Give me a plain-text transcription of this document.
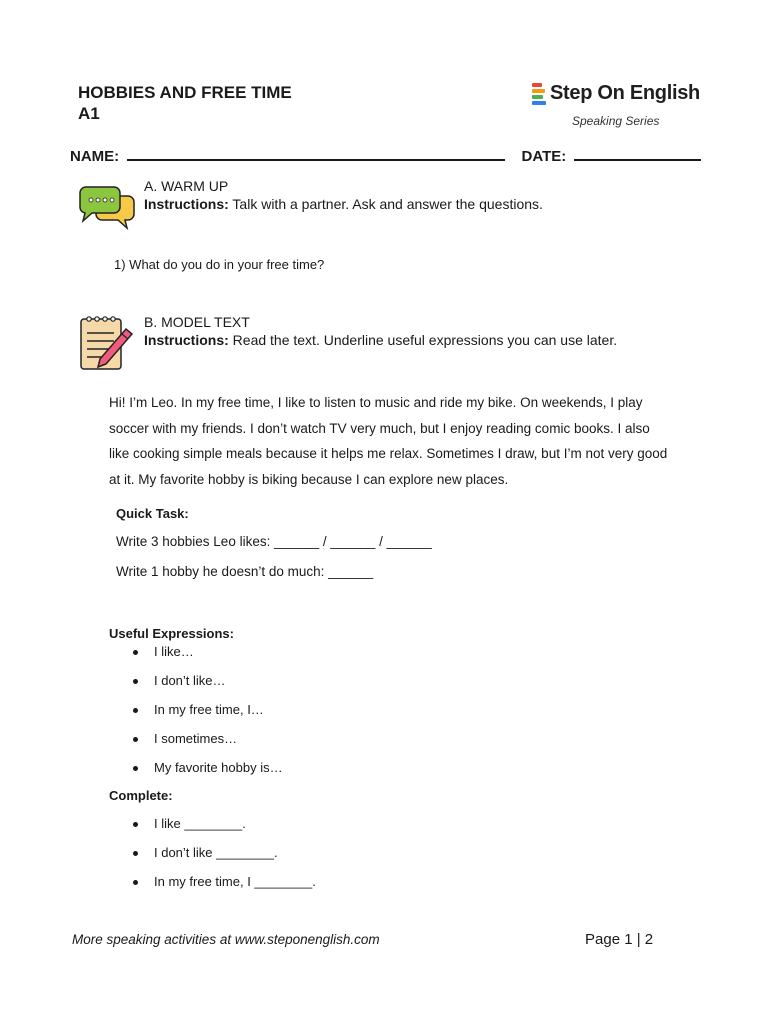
HOBBIES AND FREE TIME
A1
Step On English
Speaking Series
NAME:	DATE:
A. WARM UP
Instructions: Talk with a partner. Ask and answer the questions.
1) What do you do in your free time?
B. MODEL TEXT
Instructions: Read the text. Underline useful expressions you can use later.
Hi! I’m Leo. In my free time, I like to listen to music and ride my bike. On weekends, I play soccer with my friends. I don’t watch TV very much, but I enjoy reading comic books. I also like cooking simple meals because it helps me relax. Sometimes I draw, but I’m not very good at it. My favorite hobby is biking because I can explore new places.
Quick Task:
Write 3 hobbies Leo likes: ______ / ______ / ______
Write 1 hobby he doesn’t do much: ______
Useful Expressions:
I like…
I don’t like…
In my free time, I…
I sometimes…
My favorite hobby is…
Complete:
I like ________.
I don’t like ________.
In my free time, I ________.
More speaking activities at www.steponenglish.com	Page 1 | 2
